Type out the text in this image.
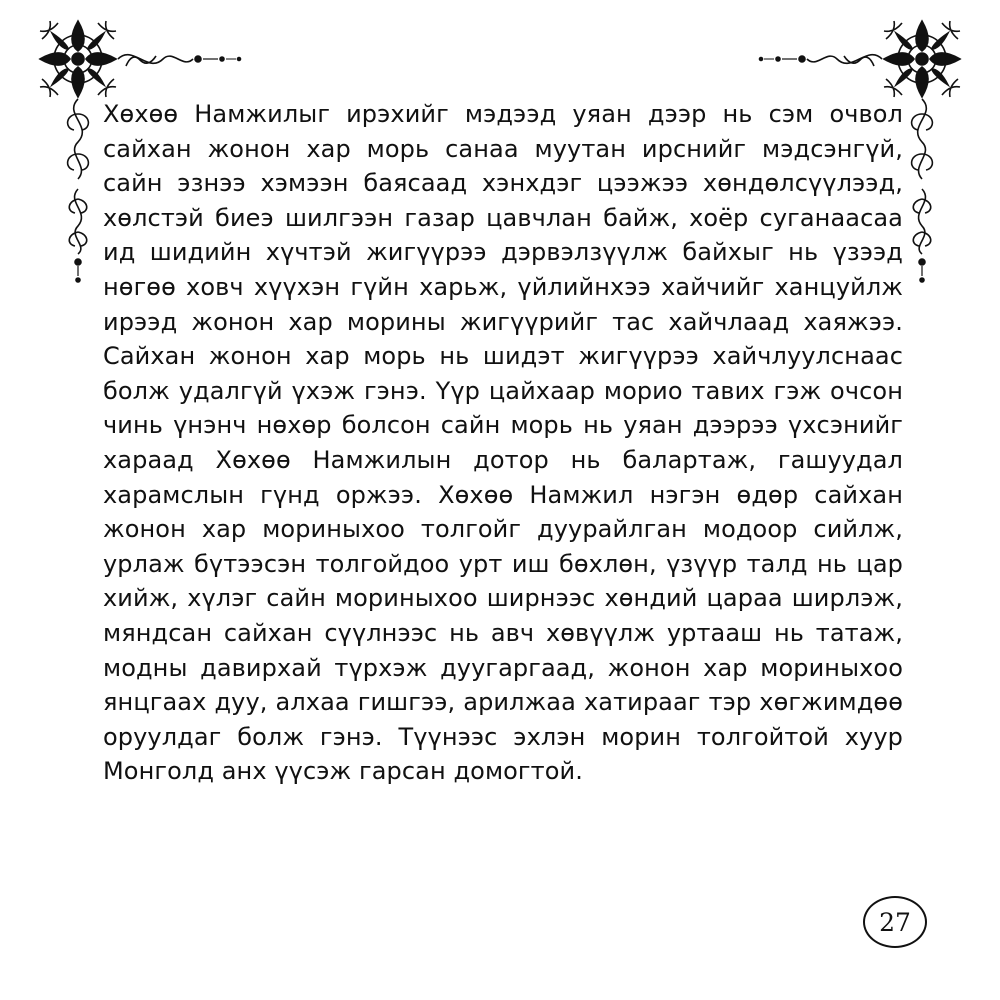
Хөхөө Намжилыг ирэхийг мэдээд уяан дээр нь сэм очвол
сайхан жонон хар морь санаа муутан ирснийг мэдсэнгүй,
сайн эзнээ хэмээн баясаад хэнхдэг цээжээ хөндөлсүүлээд,
хөлстэй биеэ шилгээн газар цавчлан байж, хоёр суганаасаа
ид шидийн хүчтэй жигүүрээ дэрвэлзүүлж байхыг нь үзээд
нөгөө ховч хүүхэн гүйн харьж, үйлийнхээ хайчийг ханцуйлж
ирээд жонон хар морины жигүүрийг тас хайчлаад хаяжээ.
Сайхан жонон хар морь нь шидэт жигүүрээ хайчлуулснаас
болж удалгүй үхэж гэнэ. Үүр цайхаар морио тавих гэж очсон
чинь үнэнч нөхөр болсон сайн морь нь уяан дээрээ үхсэнийг
хараад Хөхөө Намжилын дотор нь балартаж, гашуудал
харамслын гүнд оржээ. Хөхөө Намжил нэгэн өдөр сайхан
жонон хар мориныхоо толгойг дуурайлган модоор сийлж,
урлаж бүтээсэн толгойдоо урт иш бөхлөн, үзүүр талд нь цар
хийж, хүлэг сайн мориныхоо ширнээс хөндий цараа ширлэж,
мяндсан сайхан сүүлнээс нь авч хөвүүлж уртааш нь татаж,
модны давирхай түрхэж дуугаргаад, жонон хар мориныхоо
янцгаах дуу, алхаа гишгээ, арилжаа хатирааг тэр хөгжимдөө
оруулдаг болж гэнэ. Түүнээс эхлэн морин толгойтой хуур
Монголд анх үүсэж гарсан домогтой.

27
